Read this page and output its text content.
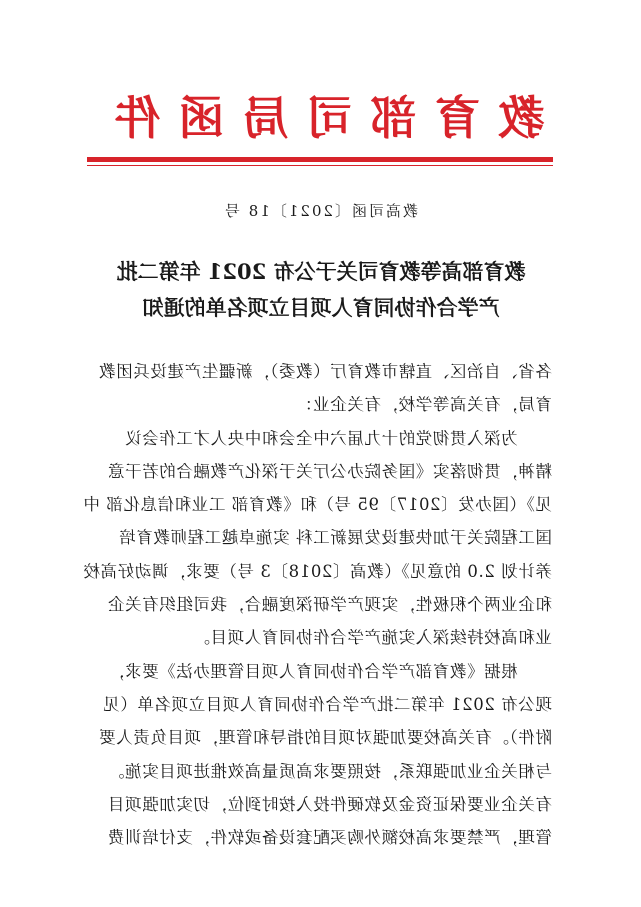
教育部司局函件
教高司函〔2021〕18 号
教育部高等教育司关于公布 2021 年第二批
产学合作协同育人项目立项名单的通知
各省、自治区、直辖市教育厅（教委），新疆生产建设兵团教
育局，有关高等学校，有关企业：
　　为深入贯彻党的十九届六中全会和中央人才工作会议
精神，贯彻落实《国务院办公厅关于深化产教融合的若干意
见》（国办发〔2017〕95 号）和《教育部 工业和信息化部 中
国工程院关于加快建设发展新工科 实施卓越工程师教育培
养计划 2.0 的意见》（教高〔2018〕3 号）要求，调动好高校
和企业两个积极性，实现产学研深度融合，我司组织有关企
业和高校持续深入实施产学合作协同育人项目。
　　根据《教育部产学合作协同育人项目管理办法》要求，
现公布 2021 年第二批产学合作协同育人项目立项名单（见
附件）。有关高校要加强对项目的指导和管理，项目负责人要
与相关企业加强联系，按照要求高质量高效推进项目实施。
有关企业要保证资金及软硬件投入按时到位，切实加强项目
管理，严禁要求高校额外购买配套设备或软件，支付培训费
